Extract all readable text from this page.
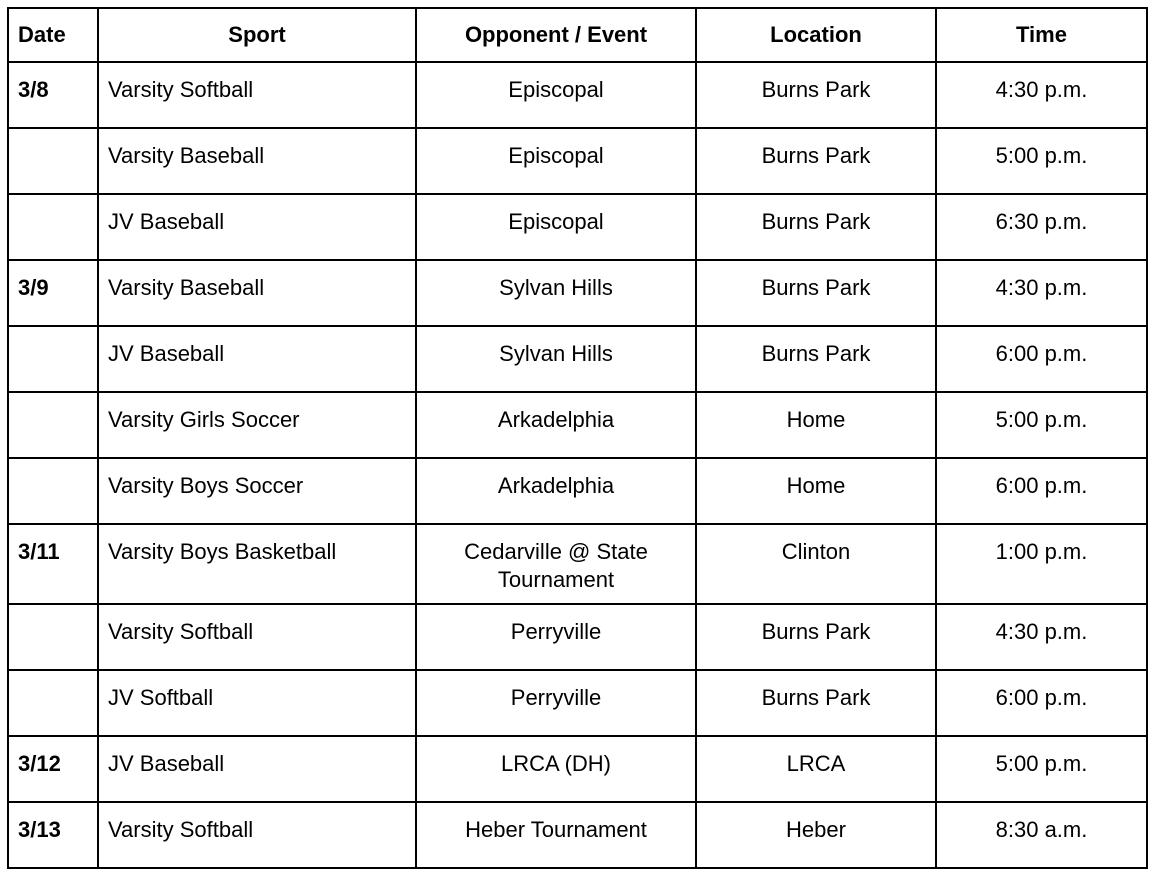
Date	Sport	Opponent / Event	Location	Time
3/8	Varsity Softball	Episcopal	Burns Park	4:30 p.m.
	Varsity Baseball	Episcopal	Burns Park	5:00 p.m.
	JV Baseball	Episcopal	Burns Park	6:30 p.m.
3/9	Varsity Baseball	Sylvan Hills	Burns Park	4:30 p.m.
	JV Baseball	Sylvan Hills	Burns Park	6:00 p.m.
	Varsity Girls Soccer	Arkadelphia	Home	5:00 p.m.
	Varsity Boys Soccer	Arkadelphia	Home	6:00 p.m.
3/11	Varsity Boys Basketball	Cedarville @ State Tournament	Clinton	1:00 p.m.
	Varsity Softball	Perryville	Burns Park	4:30 p.m.
	JV Softball	Perryville	Burns Park	6:00 p.m.
3/12	JV Baseball	LRCA (DH)	LRCA	5:00 p.m.
3/13	Varsity Softball	Heber Tournament	Heber	8:30 a.m.
